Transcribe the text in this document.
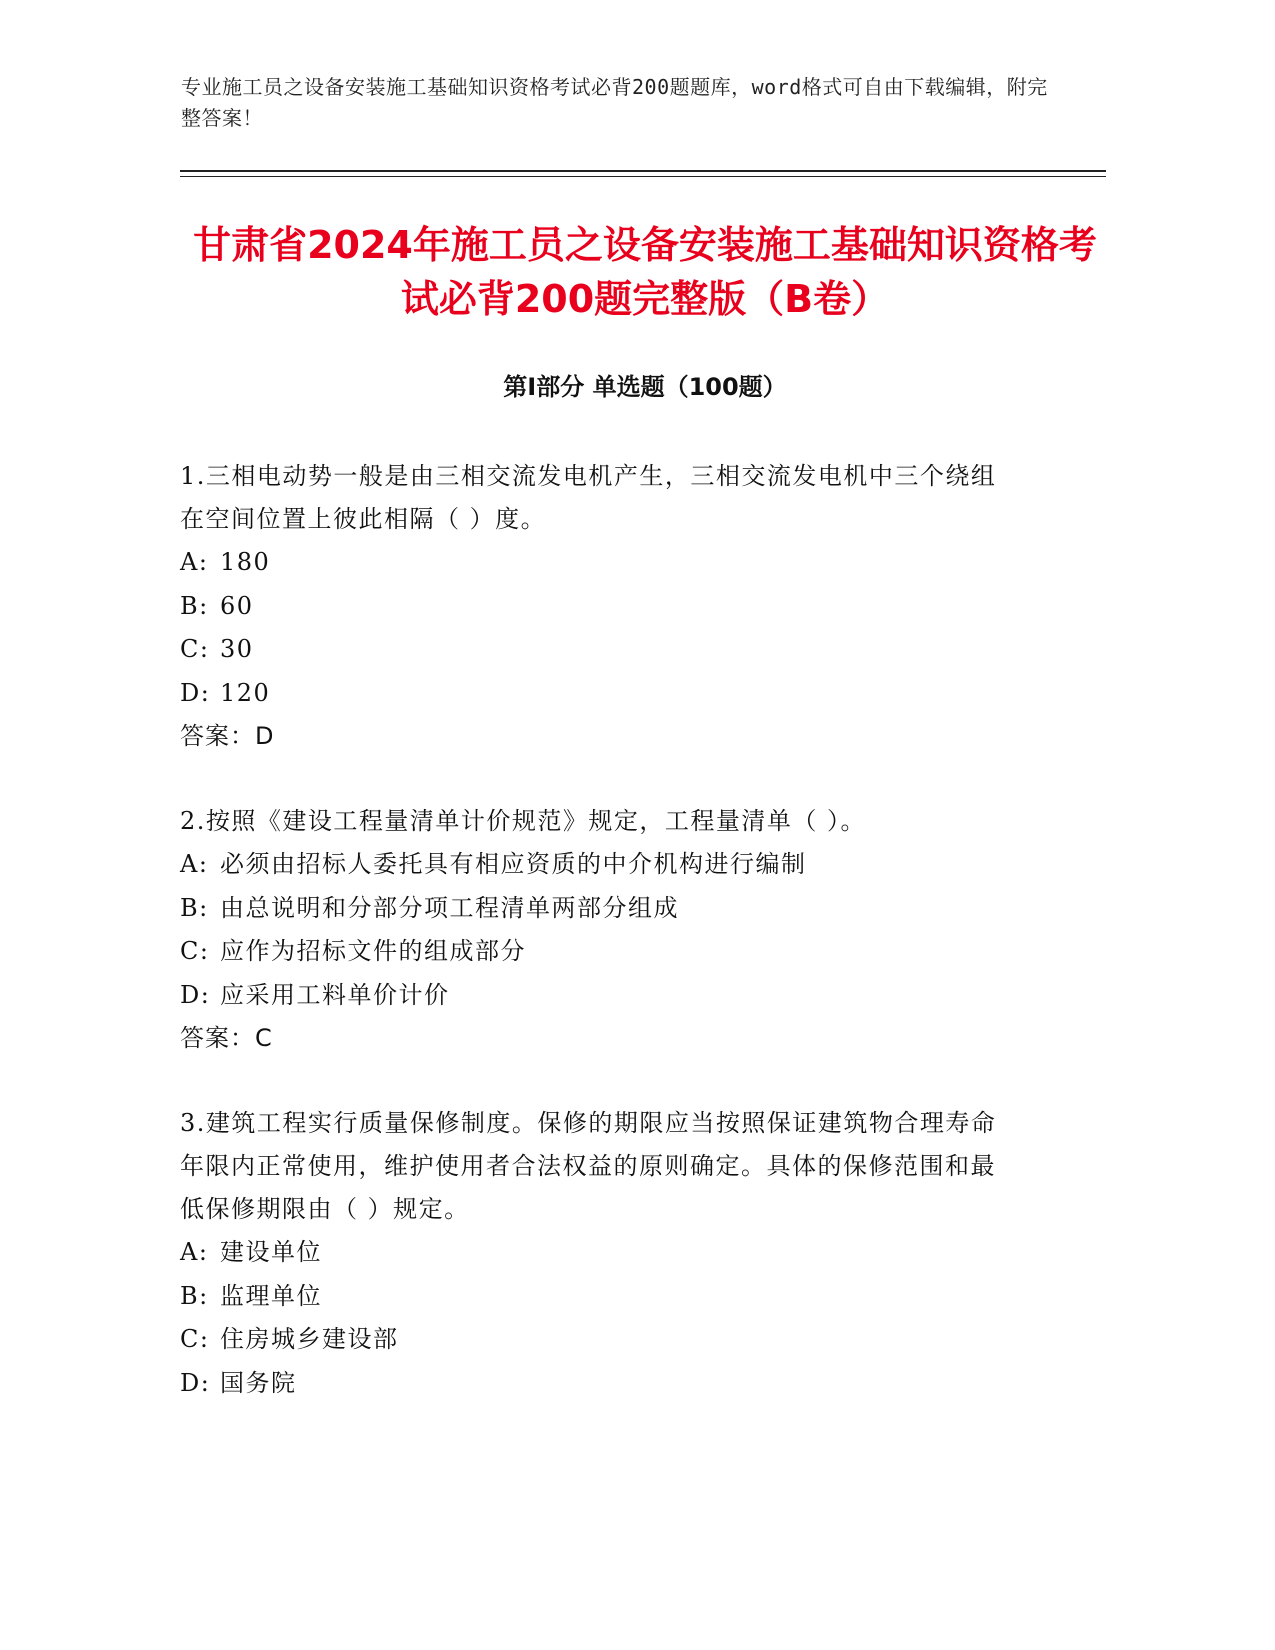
专业施工员之设备安装施工基础知识资格考试必背200题题库，word格式可自由下载编辑，附完整答案！
甘肃省2024年施工员之设备安装施工基础知识资格考试必背200题完整版（B卷）
第Ⅰ部分 单选题（100题）

1.三相电动势一般是由三相交流发电机产生，三相交流发电机中三个绕组在空间位置上彼此相隔（ ）度。

A: 180

B: 60

C: 30

D: 120

答案：D

2.按照《建设工程量清单计价规范》规定，工程量清单（ ）。

A: 必须由招标人委托具有相应资质的中介机构进行编制

B: 由总说明和分部分项工程清单两部分组成

C: 应作为招标文件的组成部分

D: 应采用工料单价计价

答案：C

3.建筑工程实行质量保修制度。保修的期限应当按照保证建筑物合理寿命年限内正常使用，维护使用者合法权益的原则确定。具体的保修范围和最低保修期限由（ ）规定。

A: 建设单位

B: 监理单位

C: 住房城乡建设部

D: 国务院
